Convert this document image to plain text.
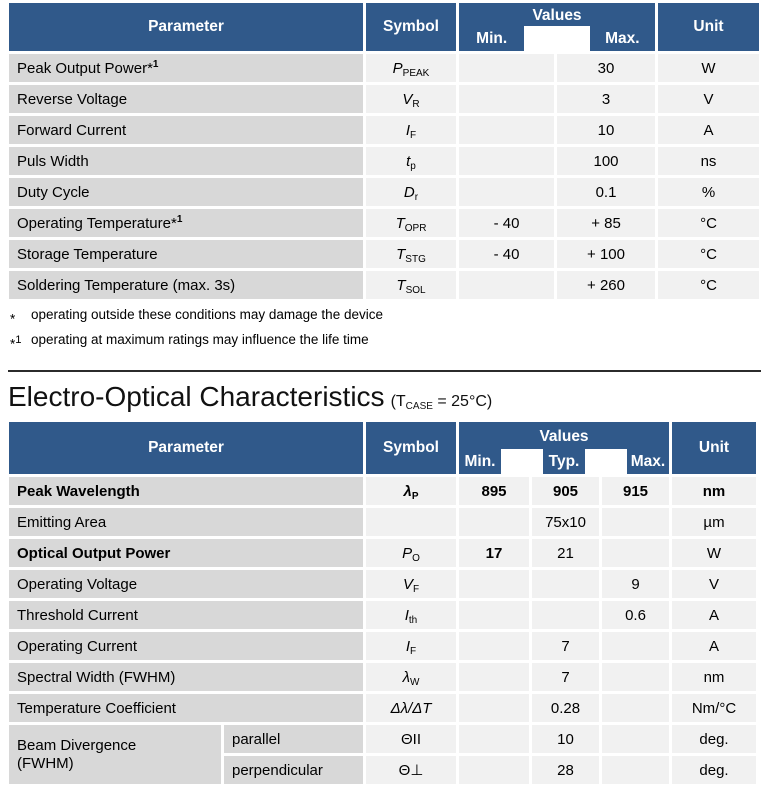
Parameter	Symbol	Values
Min. Max.		Unit
Peak Output Power*$^1$	$P_{PEAK}$		30	W
Reverse Voltage	$V_R$		3	V
Forward Current	$I_F$		10	A
Puls Width	$t_p$		100	ns
Duty Cycle	$D_r$		0.1	%
Operating Temperature*$^1$	$T_{OPR}$	- 40	+ 85	°C
Storage Temperature	$T_{STG}$	- 40	+ 100	°C
Soldering Temperature (max. 3s)	$T_{SOL}$		+ 260	°C
*	operating outside these conditions may damage the device
*$^1$ operating at maximum ratings may influence the life time
Electro-Optical Characteristics (TCASE = 25°C)
Parameter		Symbol	Values
Min. Typ. Max.			Unit
Peak Wavelength		$\lambda_P$	895	905	915	nm
Emitting Area				75x10		µm
Optical Output Power		$P_O$	17	21		W
Operating Voltage		$V_F$			9	V
Threshold Current		$I_{th}$			0.6	A
Operating Current		$I_F$		7		A
Spectral Width (FWHM)		$\lambda_W$		7		nm
Temperature Coefficient		Δλ/ΔT		0.28		Nm/°C

Beam Divergence
(FWHM)	parallel	ΘII		10		deg.
	perpendicular	Θ⊥		28		deg.
